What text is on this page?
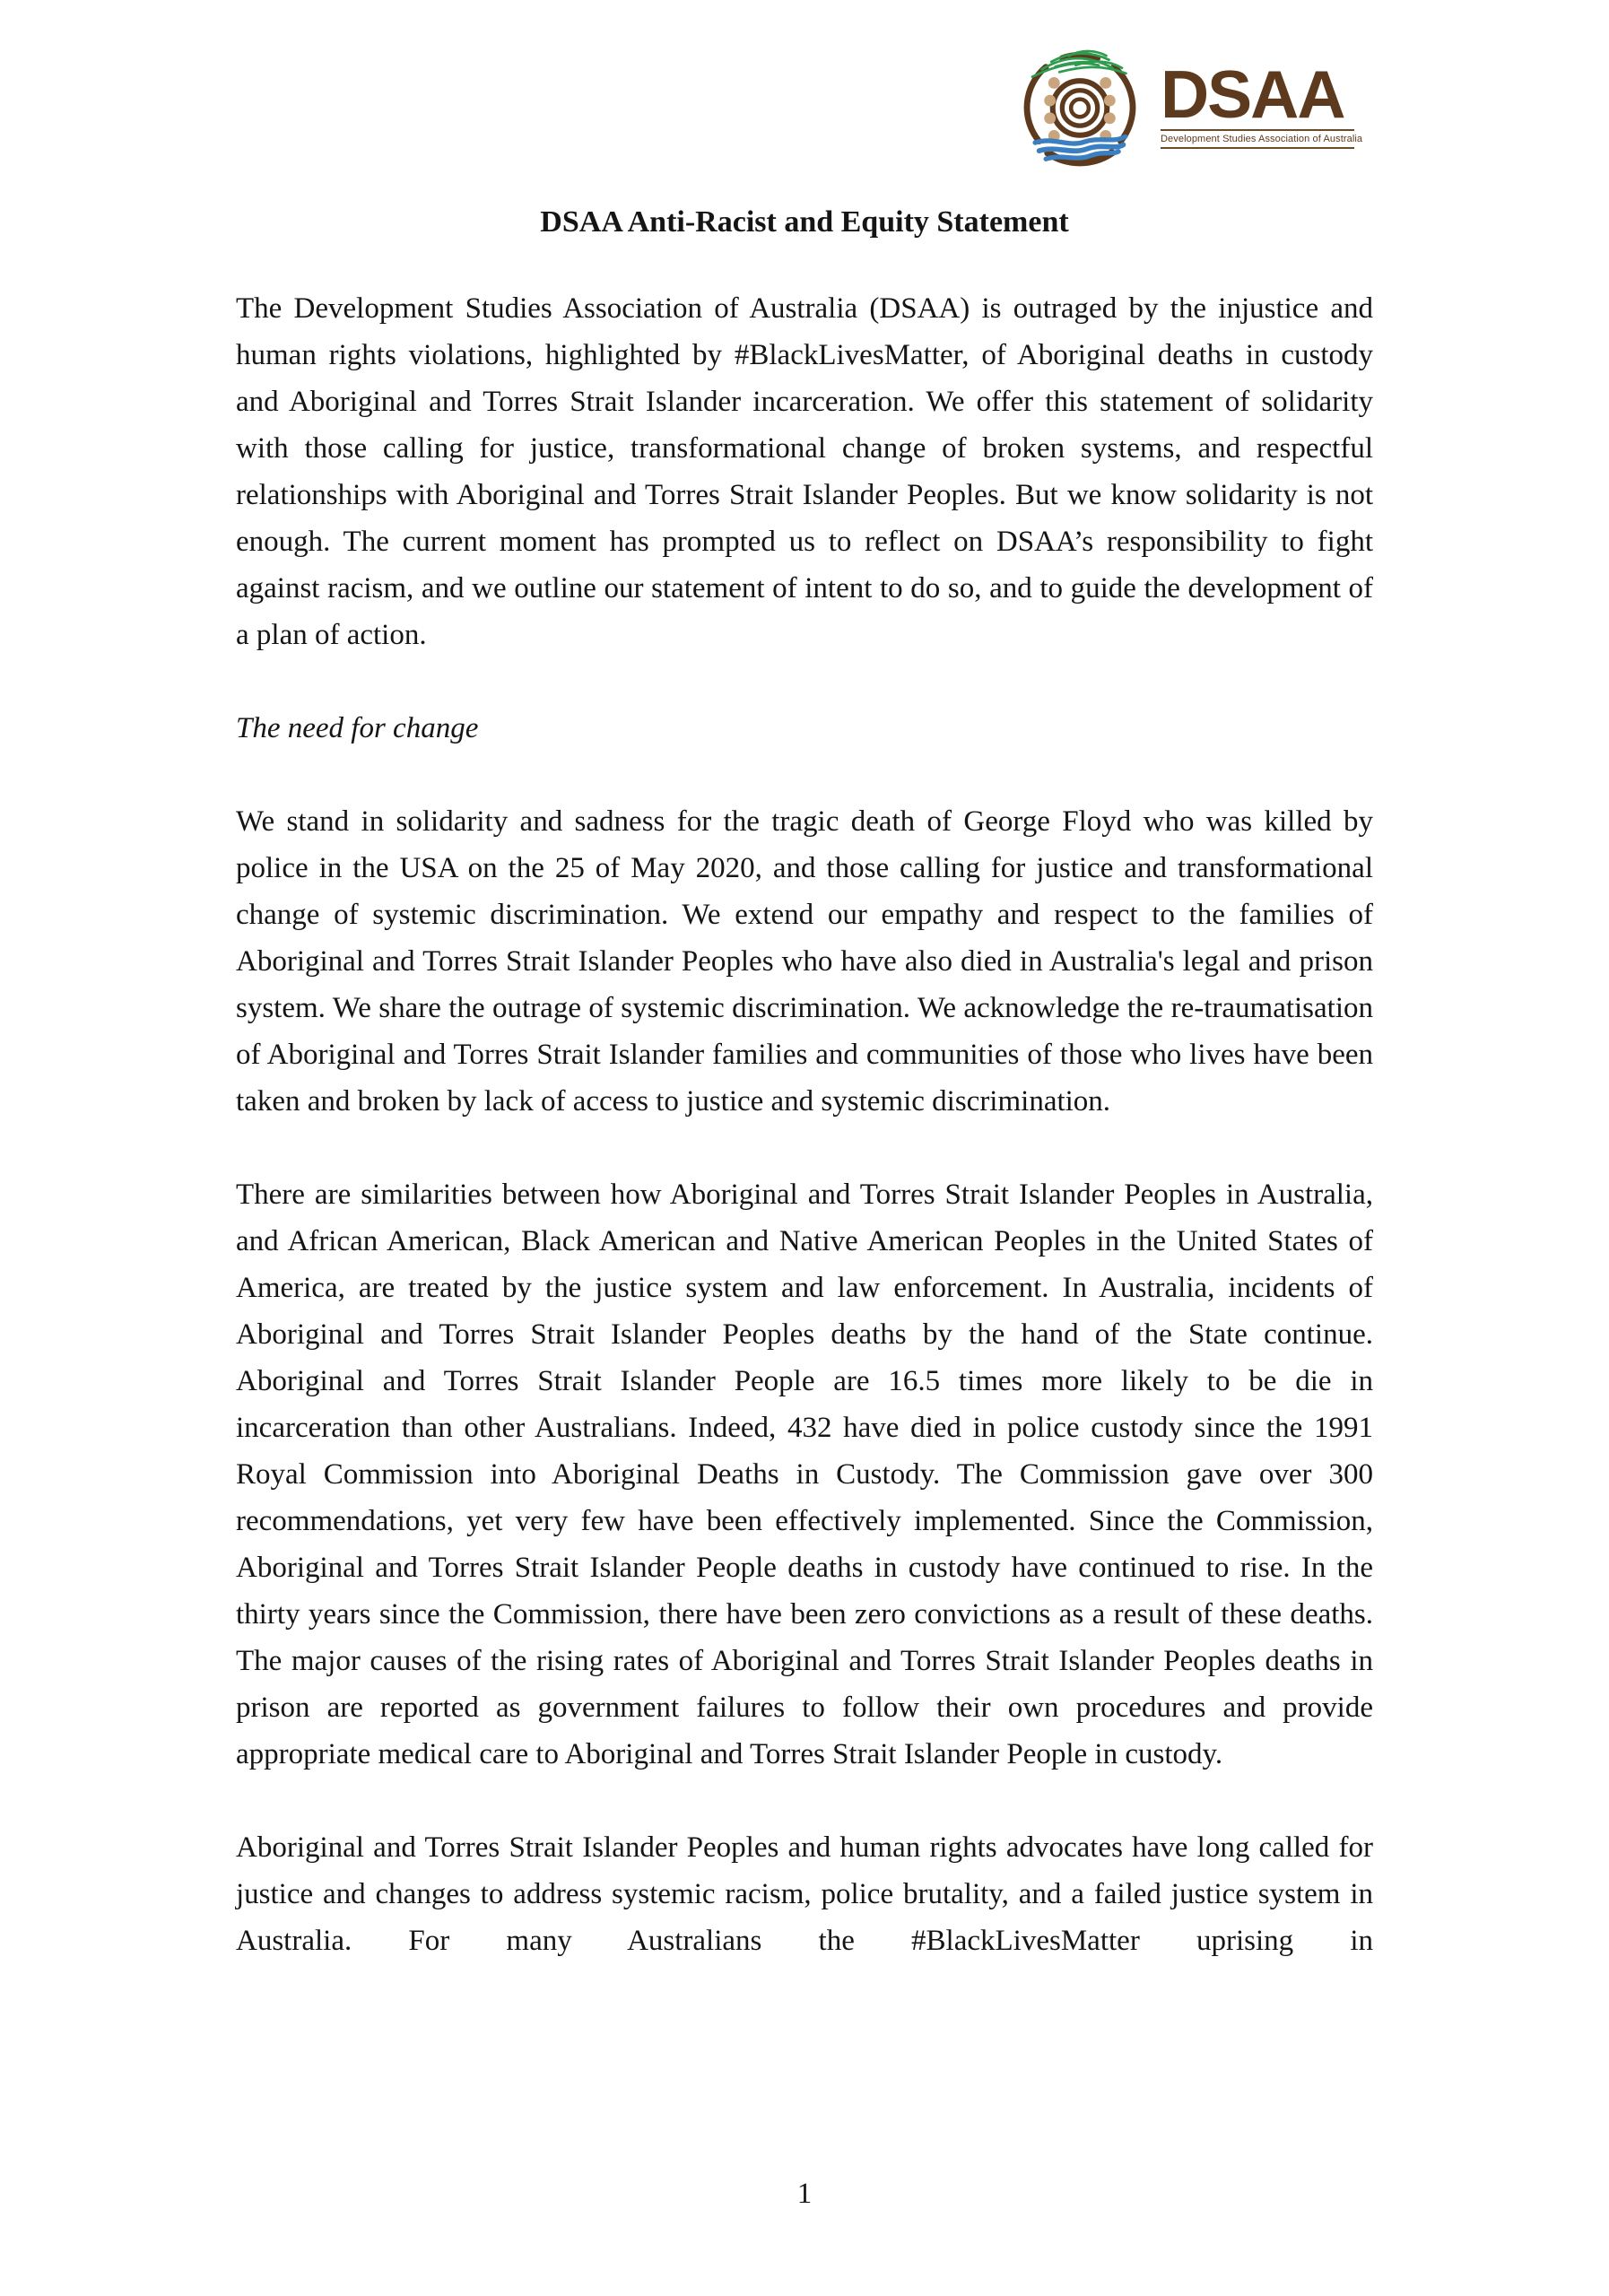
DSAA
Development Studies Association of Australia
DSAA Anti-Racist and Equity Statement

The Development Studies Association of Australia (DSAA) is outraged by the injustice and human rights violations, highlighted by #BlackLivesMatter, of Aboriginal deaths in custody and Aboriginal and Torres Strait Islander incarceration. We offer this statement of solidarity with those calling for justice, transformational change of broken systems, and respectful relationships with Aboriginal and Torres Strait Islander Peoples. But we know solidarity is not enough. The current moment has prompted us to reflect on DSAA’s responsibility to fight against racism, and we outline our statement of intent to do so, and to guide the development of a plan of action.

The need for change

We stand in solidarity and sadness for the tragic death of George Floyd who was killed by police in the USA on the 25 of May 2020, and those calling for justice and transformational change of systemic discrimination. We extend our empathy and respect to the families of Aboriginal and Torres Strait Islander Peoples who have also died in Australia's legal and prison system. We share the outrage of systemic discrimination. We acknowledge the re-traumatisation of Aboriginal and Torres Strait Islander families and communities of those who lives have been taken and broken by lack of access to justice and systemic discrimination.

There are similarities between how Aboriginal and Torres Strait Islander Peoples in Australia, and African American, Black American and Native American Peoples in the United States of America, are treated by the justice system and law enforcement. In Australia, incidents of Aboriginal and Torres Strait Islander Peoples deaths by the hand of the State continue. Aboriginal and Torres Strait Islander People are 16.5 times more likely to be die in incarceration than other Australians. Indeed, 432 have died in police custody since the 1991 Royal Commission into Aboriginal Deaths in Custody. The Commission gave over 300 recommendations, yet very few have been effectively implemented. Since the Commission, Aboriginal and Torres Strait Islander People deaths in custody have continued to rise. In the thirty years since the Commission, there have been zero convictions as a result of these deaths. The major causes of the rising rates of Aboriginal and Torres Strait Islander Peoples deaths in prison are reported as government failures to follow their own procedures and provide appropriate medical care to Aboriginal and Torres Strait Islander People in custody.

Aboriginal and Torres Strait Islander Peoples and human rights advocates have long called for justice and changes to address systemic racism, police brutality, and a failed justice system in Australia. For many Australians the #BlackLivesMatter uprising in

1
